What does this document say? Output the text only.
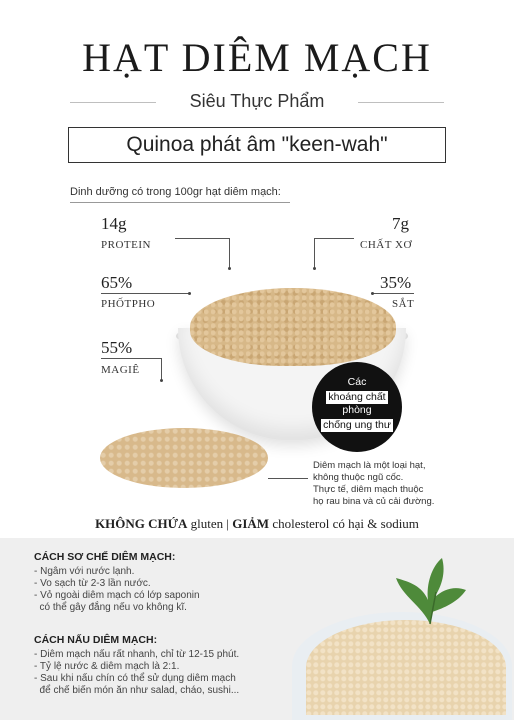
HẠT DIÊM MẠCH
Siêu Thực Phẩm
Quinoa phát âm "keen-wah"
Dinh dưỡng có trong 100gr hạt diêm mạch:
14g
PROTEIN
7g
CHẤT XƠ
65%
PHỐTPHO
35%
SẮT
55%
MAGIÊ
Các
khoáng chất
phòng
chống ung thư
Diêm mạch là một loại hạt,
không thuộc ngũ cốc.
Thực tế, diêm mạch thuộc
họ rau bina và củ cải đường.
KHÔNG CHỨA gluten | GIẢM cholesterol có hại & sodium
CÁCH SƠ CHẾ DIÊM MẠCH:
- Ngâm với nước lạnh.
- Vo sạch từ 2-3 lần nước.
- Vỏ ngoài diêm mạch có lớp saponin
có thể gây đắng nếu vo không kĩ.
CÁCH NẤU DIÊM MẠCH:
- Diêm mạch nấu rất nhanh, chỉ từ 12-15 phút.
- Tỷ lệ nước & diêm mạch là 2:1.
- Sau khi nấu chín có thể sử dụng diêm mạch
để chế biến món ăn như salad, cháo, sushi...
